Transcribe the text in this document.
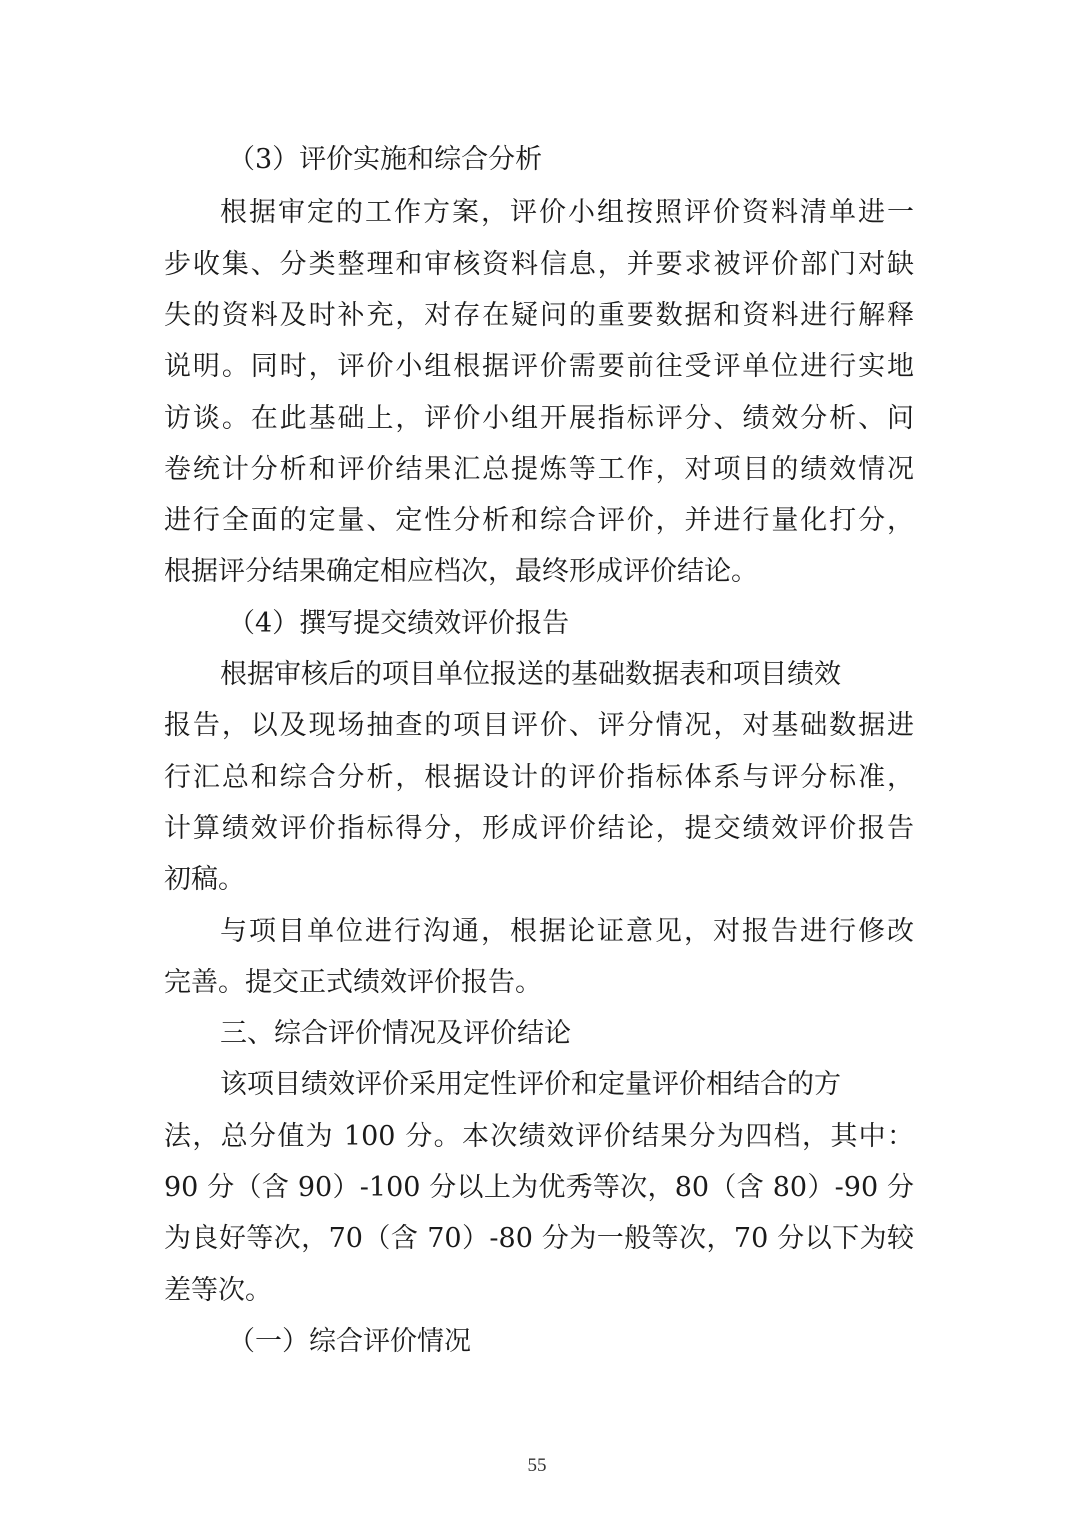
（3）评价实施和综合分析
根据审定的工作方案，评价小组按照评价资料清单进一
步收集、分类整理和审核资料信息，并要求被评价部门对缺
失的资料及时补充，对存在疑问的重要数据和资料进行解释
说明。同时，评价小组根据评价需要前往受评单位进行实地
访谈。在此基础上，评价小组开展指标评分、绩效分析、问
卷统计分析和评价结果汇总提炼等工作，对项目的绩效情况
进行全面的定量、定性分析和综合评价，并进行量化打分，
根据评分结果确定相应档次，最终形成评价结论。
（4）撰写提交绩效评价报告
根据审核后的项目单位报送的基础数据表和项目绩效
报告，以及现场抽查的项目评价、评分情况，对基础数据进
行汇总和综合分析，根据设计的评价指标体系与评分标准，
计算绩效评价指标得分，形成评价结论，提交绩效评价报告
初稿。
与项目单位进行沟通，根据论证意见，对报告进行修改
完善。提交正式绩效评价报告。
三、综合评价情况及评价结论
该项目绩效评价采用定性评价和定量评价相结合的方
法，总分值为 100 分。本次绩效评价结果分为四档，其中：
90 分（含 90）-100 分以上为优秀等次，80（含 80）-90 分
为良好等次，70（含 70）-80 分为一般等次，70 分以下为较
差等次。
（一）综合评价情况
55
